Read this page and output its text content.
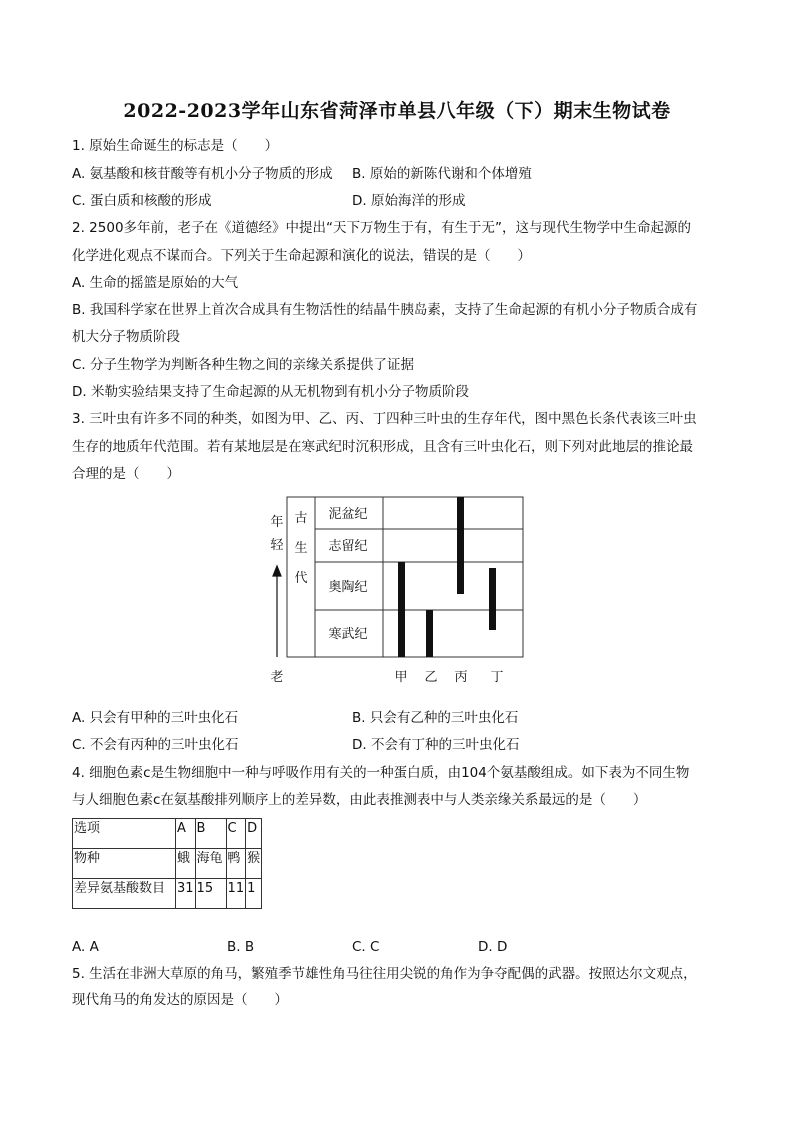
2022-2023学年山东省菏泽市单县八年级（下）期末生物试卷
1. 原始生命诞生的标志是（　　）
A. 氨基酸和核苷酸等有机小分子物质的形成 B. 原始的新陈代谢和个体增殖
C. 蛋白质和核酸的形成	D. 原始海洋的形成
2. 2500多年前，老子在《道德经》中提出“天下万物生于有，有生于无”，这与现代生物学中生命起源的
化学进化观点不谋而合。下列关于生命起源和演化的说法，错误的是（　　）
A. 生命的摇篮是原始的大气
B. 我国科学家在世界上首次合成具有生物活性的结晶牛胰岛素，支持了生命起源的有机小分子物质合成有
机大分子物质阶段
C. 分子生物学为判断各种生物之间的亲缘关系提供了证据
D. 米勒实验结果支持了生命起源的从无机物到有机小分子物质阶段
3. 三叶虫有许多不同的种类，如图为甲、乙、丙、丁四种三叶虫的生存年代，图中黑色长条代表该三叶虫
生存的地质年代范围。若有某地层是在寒武纪时沉积形成，且含有三叶虫化石，则下列对此地层的推论最
合理的是（　　）
年
轻
老
古
生
代
泥盆纪
志留纪
奥陶纪
寒武纪
甲 乙 丙 丁
A. 只会有甲种的三叶虫化石	B. 只会有乙种的三叶虫化石
C. 不会有丙种的三叶虫化石	D. 不会有丁种的三叶虫化石
4. 细胞色素c是生物细胞中一种与呼吸作用有关的一种蛋白质，由104个氨基酸组成。如下表为不同生物
与人细胞色素c在氨基酸排列顺序上的差异数，由此表推测表中与人类亲缘关系最远的是（　　）
选项	A	B	C	D
物种	蛾	海龟	鸭	猴
差异氨基酸数目	31	15	11	1
A. A	B. B	C. C	D. D
5. 生活在非洲大草原的角马，繁殖季节雄性角马往往用尖锐的角作为争夺配偶的武器。按照达尔文观点，
现代角马的角发达的原因是（　　）
